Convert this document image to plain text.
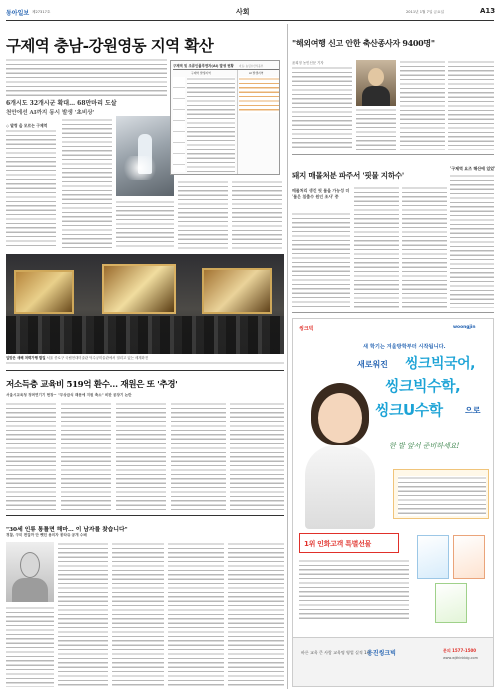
동아일보 제27317호	사회	2011년 1월 7일 금요일	A13
구제역 충남-강원영동 지역 확산
6개시도 32개시군 확대… 68만마리 도살
천안에선 AI까지 동시 발생 '초비상'
◇ 말썽 을 모르는 구제역
구제역 및 조류인플루엔자(AI) 발생 현황 자료: 농림수산식품부
구제역 발생지역	AI 발생지역
입맞은 새해 저력가행 발길 서울 종로구 국립현대미술관 덕수궁미술관에서 열리고 있는 세계화전
"해외여행 신고 안한 축산종사자 9400명"
윤희정 농민신문 기자
돼지 매몰처분 파주서 '핏물 지하수'
매몰처리 생긴 핏 물을 가능성 더 '물은 침출수 원인 조사' 중
'구제역 요즈 해산에 있었'
저소득층 교육비 519억 환수… 재원은 또 '추경'
서울시교육청 정려연기기 헌장~ "무상급식 때문에 지원 축소" 비판 공장기 논란
"30세 인류 통틀면 해마… 이 남자를 찾습니다"
경찰, 구미 편갈까 단 뺏던 용의자 몽타쥬 공개 수배
씽크빅	woongjin
새 학기는 겨울방학부터 시작됩니다.
새로워진 씽크빅국어,
씽크빅수학,
씽크U수학	으로
한 발 앞서 준비하세요!
1위 인화고객 특별선물
바른 교육 큰 사람 교육명 영업 실적 1위
웅진씽크빅	문의 1577-1500
www.wjthinkbig.com
